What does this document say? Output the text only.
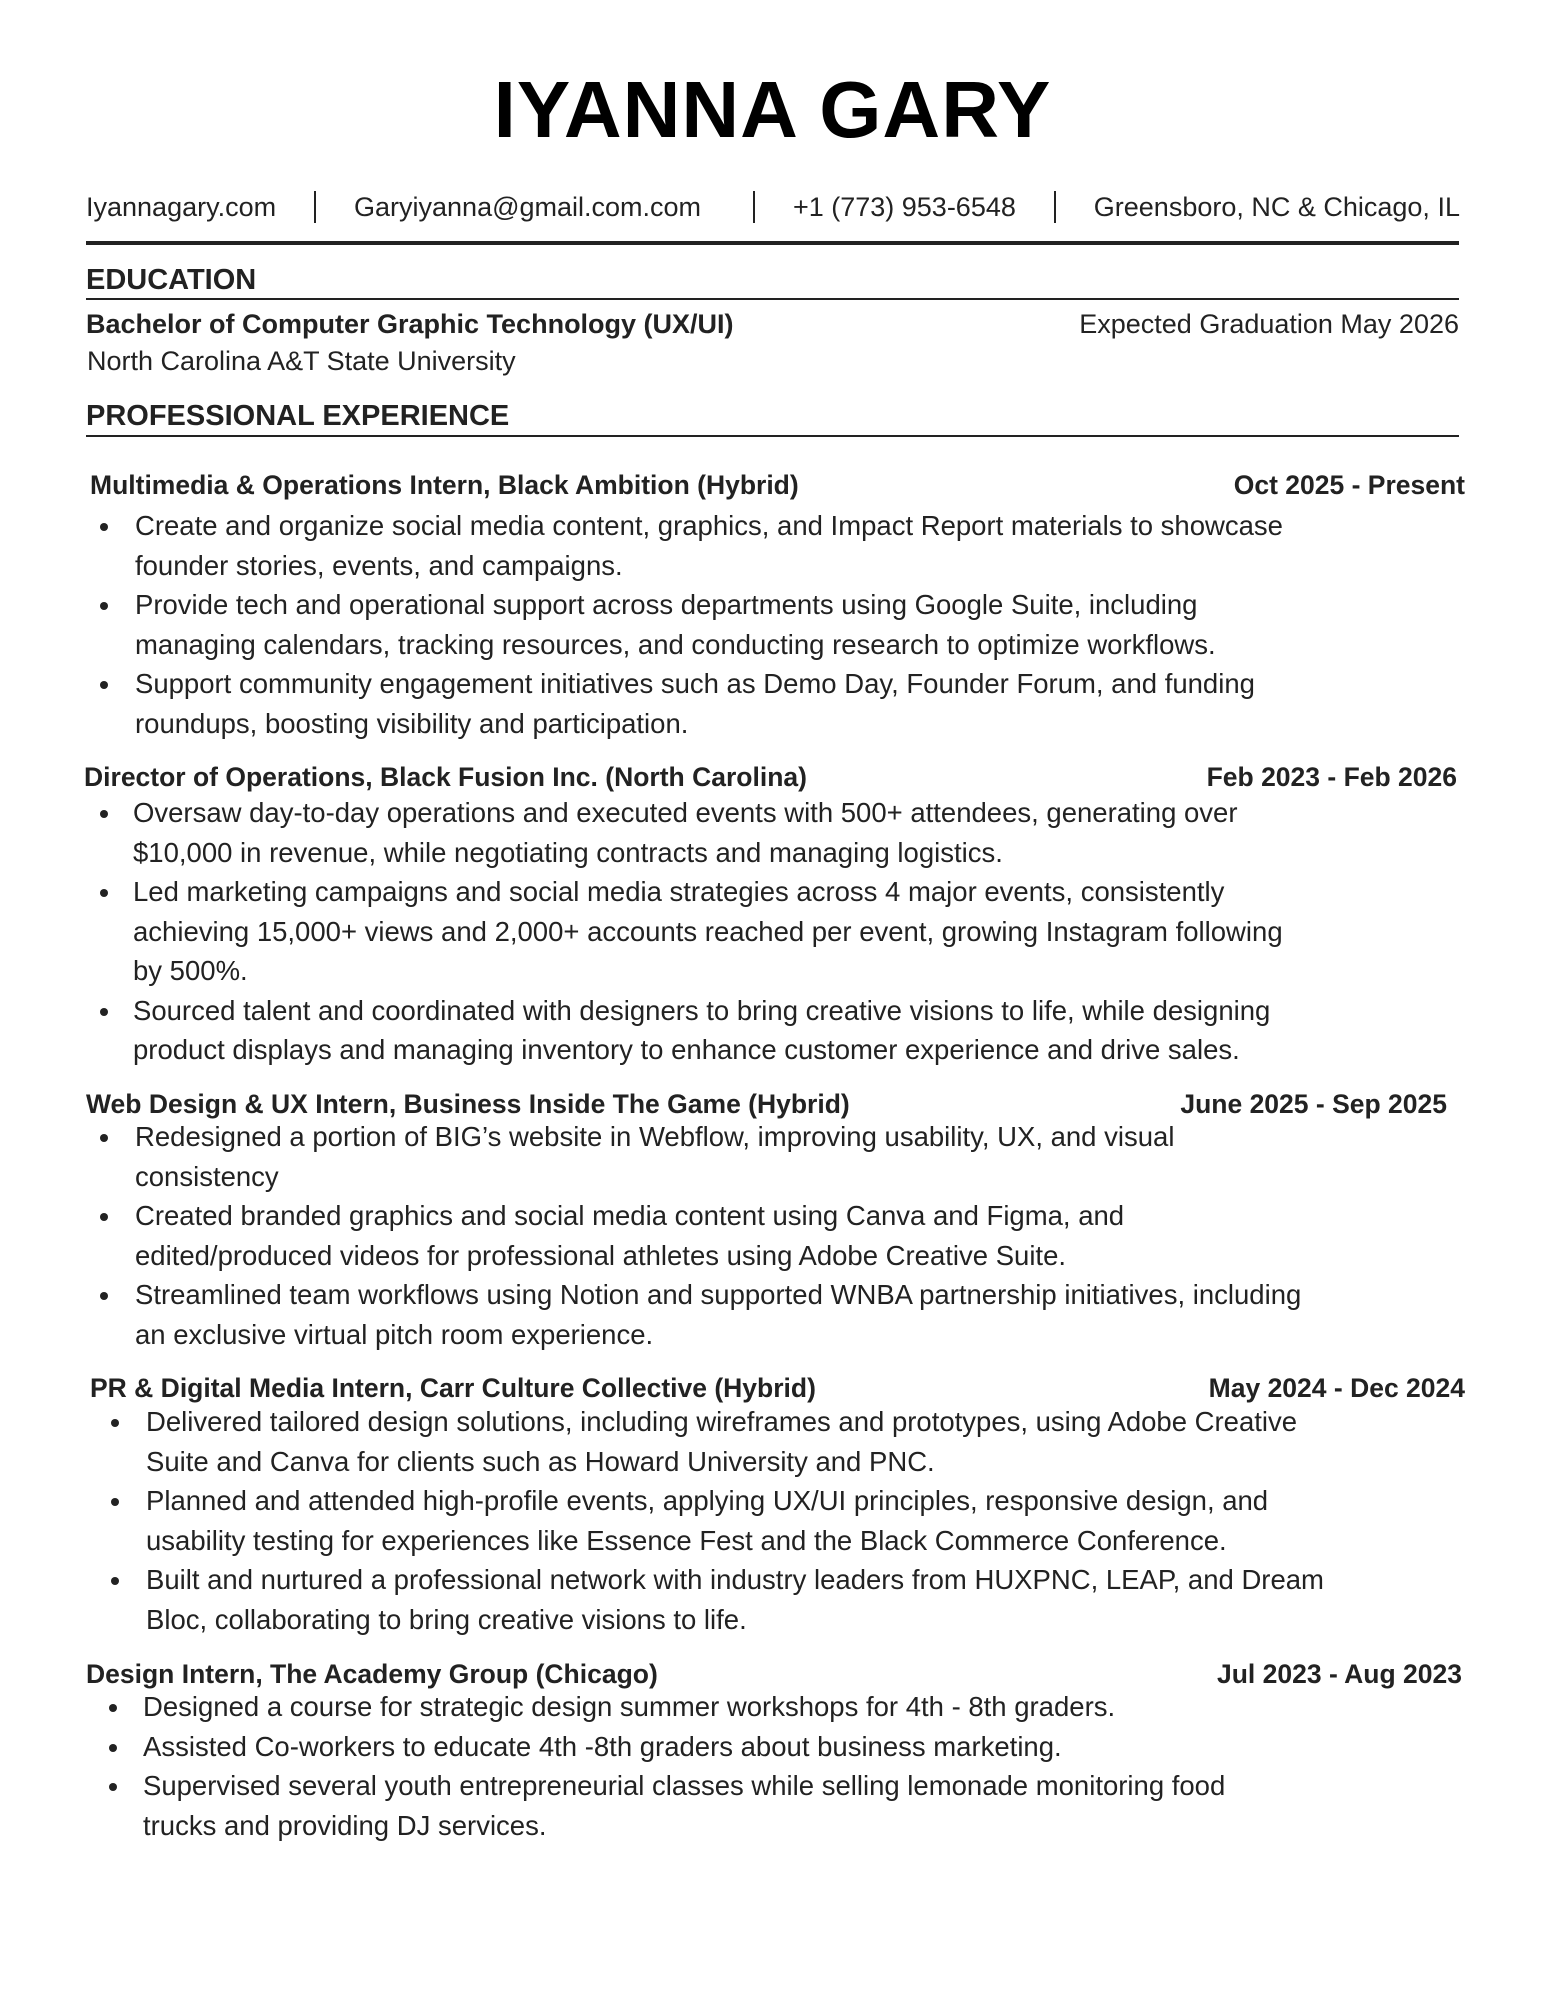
IYANNA GARY
Iyannagary.com	Garyiyanna@gmail.com.com	+1 (773) 953-6548	Greensboro, NC & Chicago, IL
EDUCATION
Bachelor of Computer Graphic Technology (UX/UI)	Expected Graduation May 2026
North Carolina A&T State University
PROFESSIONAL EXPERIENCE
Multimedia & Operations Intern, Black Ambition (Hybrid)	Oct 2025 - Present
Create and organize social media content, graphics, and Impact Report materials to showcase
founder stories, events, and campaigns.
Provide tech and operational support across departments using Google Suite, including
managing calendars, tracking resources, and conducting research to optimize workflows.
Support community engagement initiatives such as Demo Day, Founder Forum, and funding
roundups, boosting visibility and participation.
Director of Operations, Black Fusion Inc. (North Carolina)	Feb 2023 - Feb 2026
Oversaw day-to-day operations and executed events with 500+ attendees, generating over
$10,000 in revenue, while negotiating contracts and managing logistics.
Led marketing campaigns and social media strategies across 4 major events, consistently
achieving 15,000+ views and 2,000+ accounts reached per event, growing Instagram following
by 500%.
Sourced talent and coordinated with designers to bring creative visions to life, while designing
product displays and managing inventory to enhance customer experience and drive sales.
Web Design & UX Intern, Business Inside The Game (Hybrid)	June 2025 - Sep 2025
Redesigned a portion of BIG’s website in Webflow, improving usability, UX, and visual
consistency
Created branded graphics and social media content using Canva and Figma, and
edited/produced videos for professional athletes using Adobe Creative Suite.
Streamlined team workflows using Notion and supported WNBA partnership initiatives, including
an exclusive virtual pitch room experience.
PR & Digital Media Intern, Carr Culture Collective (Hybrid)	May 2024 - Dec 2024
Delivered tailored design solutions, including wireframes and prototypes, using Adobe Creative
Suite and Canva for clients such as Howard University and PNC.
Planned and attended high-profile events, applying UX/UI principles, responsive design, and
usability testing for experiences like Essence Fest and the Black Commerce Conference.
Built and nurtured a professional network with industry leaders from HUXPNC, LEAP, and Dream
Bloc, collaborating to bring creative visions to life.
Design Intern, The Academy Group (Chicago)	Jul 2023 - Aug 2023
Designed a course for strategic design summer workshops for 4th - 8th graders.
Assisted Co-workers to educate 4th -8th graders about business marketing.
Supervised several youth entrepreneurial classes while selling lemonade monitoring food
trucks and providing DJ services.
